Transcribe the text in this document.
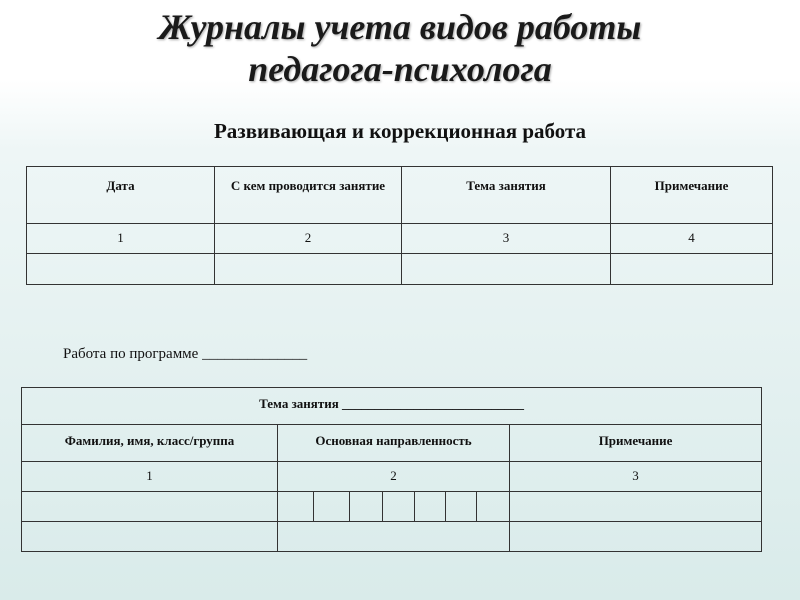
Журналы учета видов работы
педагога-психолога
Развивающая и коррекционная работа
Дата	С кем проводится занятие	Тема занятия	Примечание
1	2	3	4

Работа по программе ______________
Тема занятия ____________________________								
Фамилия, имя, класс/группа	Основная направленность							Примечание
1	2							3
